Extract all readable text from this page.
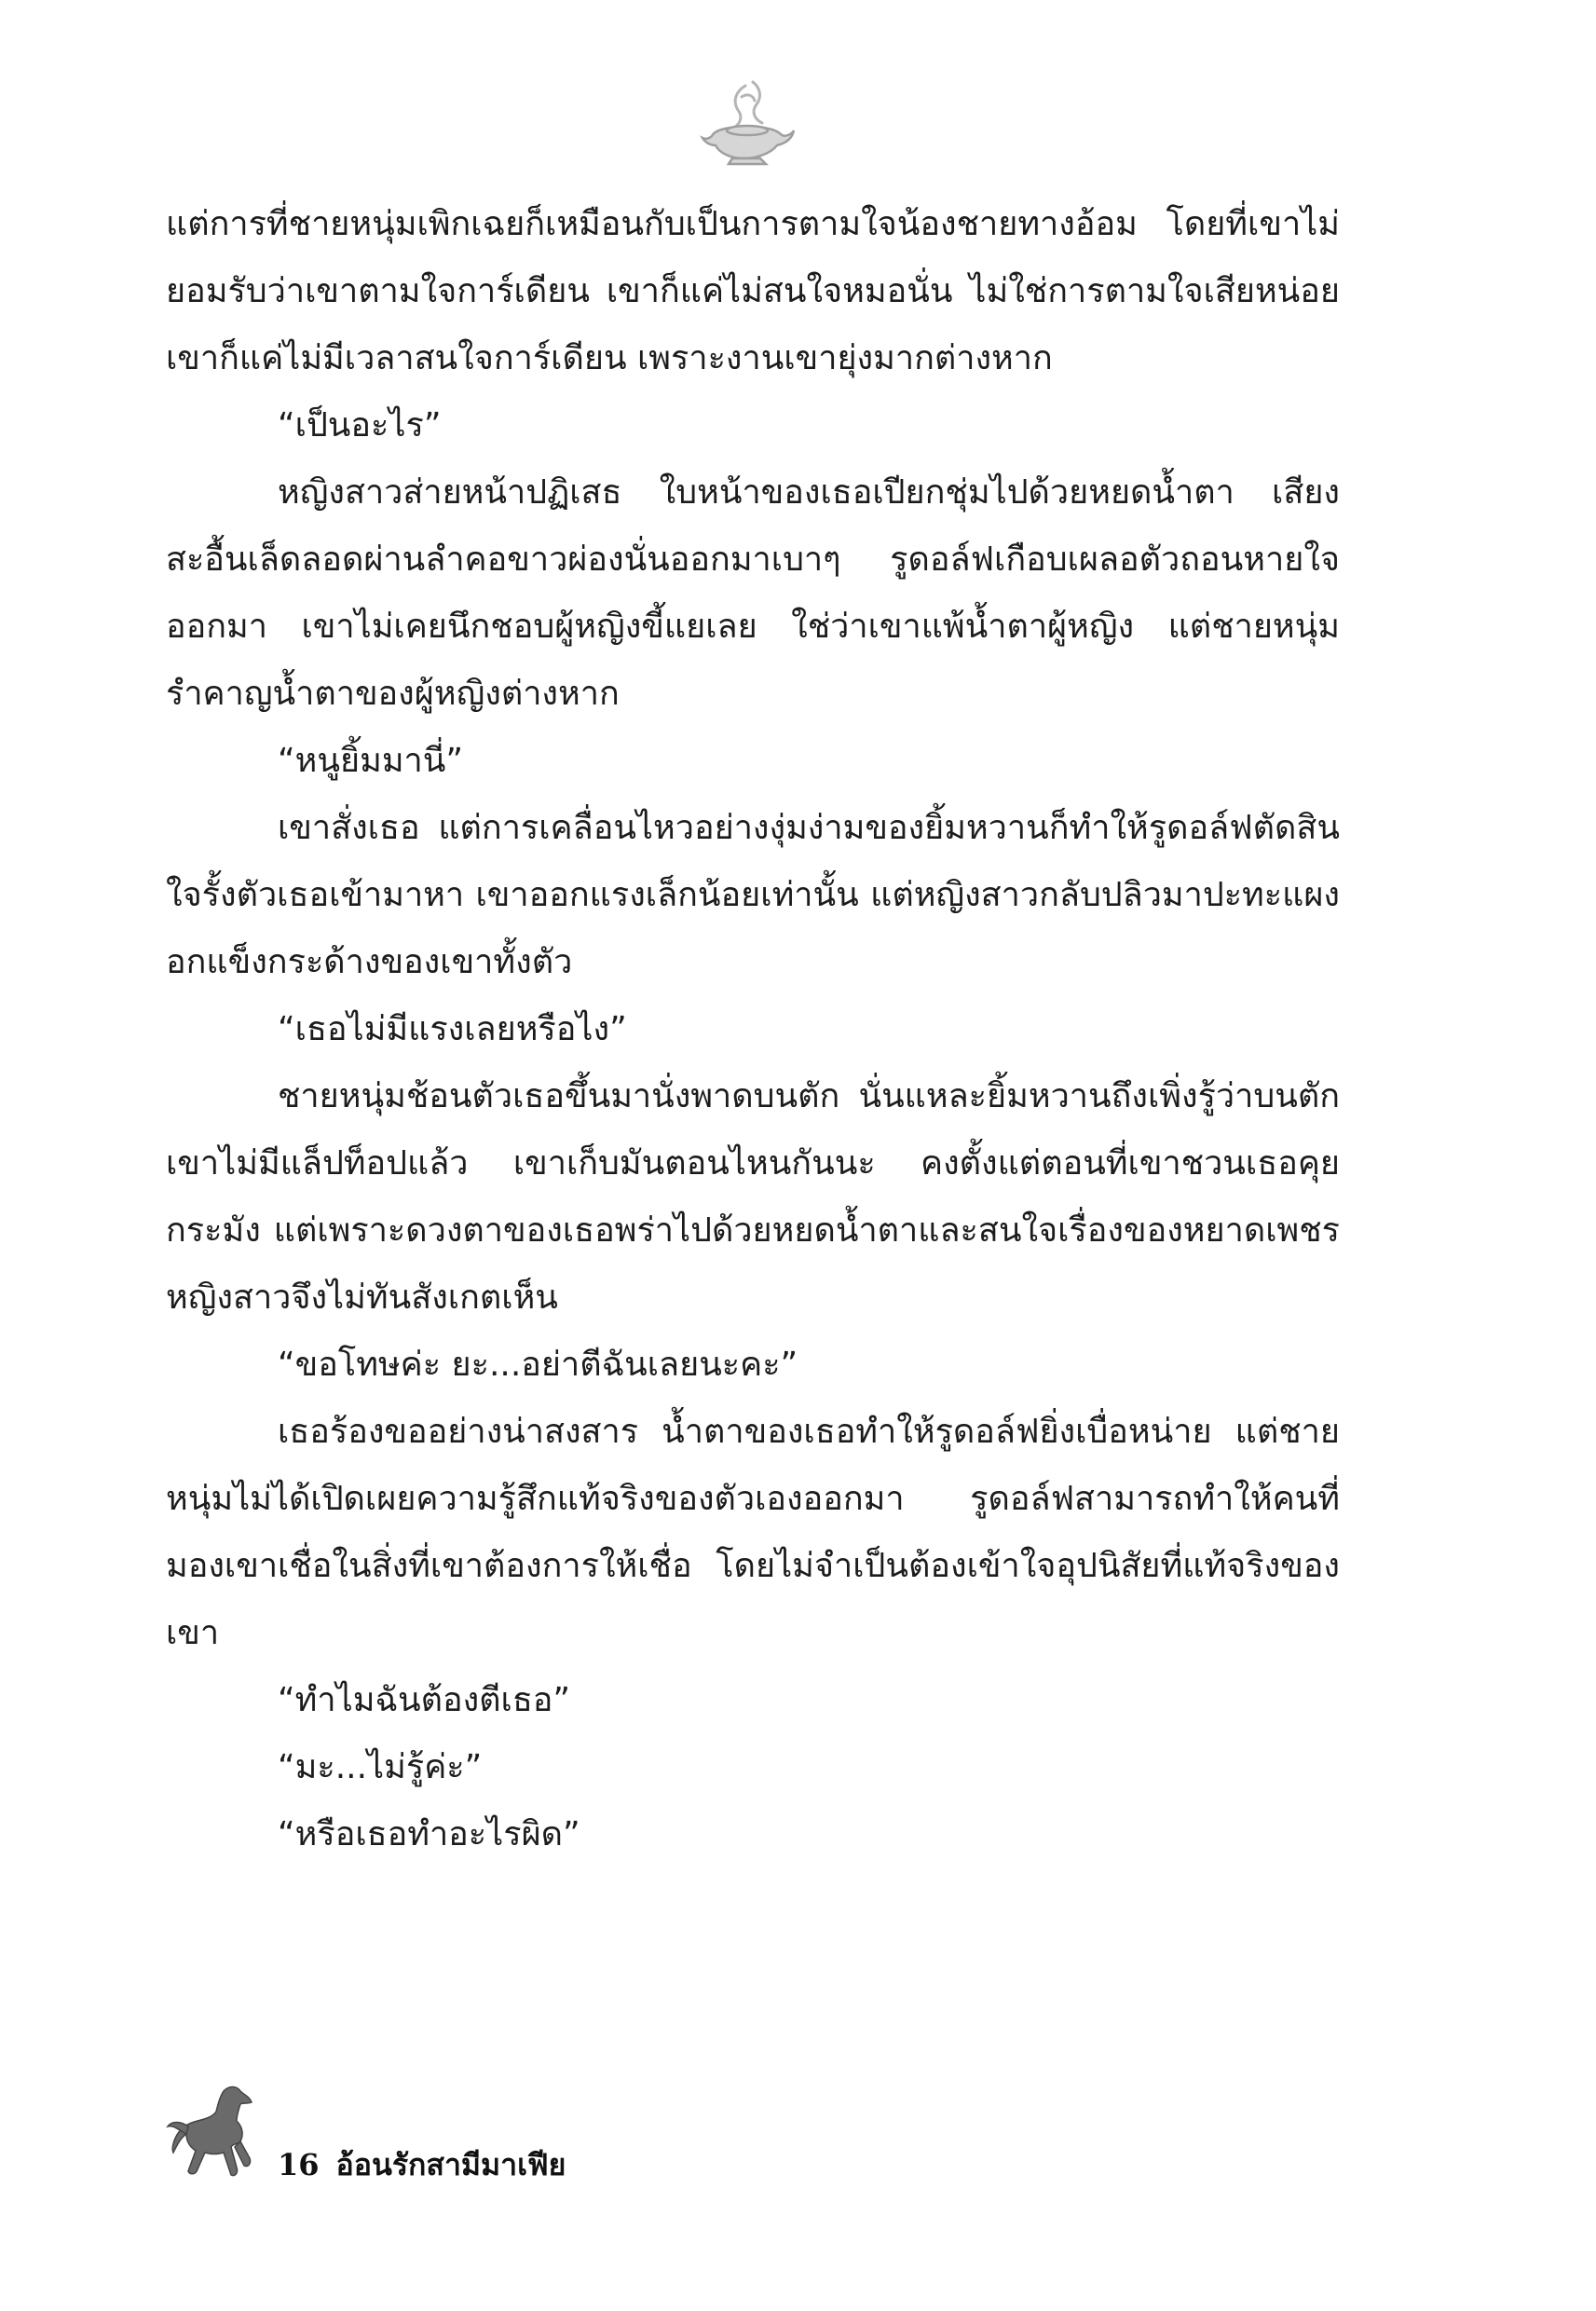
แต่การที่ชายหนุ่มเพิกเฉยก็เหมือนกับเป็นการตามใจน้องชายทางอ้อม โดยที่เขาไม่ยอมรับว่าเขาตามใจการ์เดียน เขาก็แค่ไม่สนใจหมอนั่น ไม่ใช่การตามใจเสียหน่อย เขาก็แค่ไม่มีเวลาสนใจการ์เดียน เพราะงานเขายุ่งมากต่างหาก

“เป็นอะไร”

หญิงสาวส่ายหน้าปฏิเสธ ใบหน้าของเธอเปียกชุ่มไปด้วยหยดน้ำตา เสียงสะอื้นเล็ดลอดผ่านลำคอขาวผ่องนั่นออกมาเบาๆ รูดอล์ฟเกือบเผลอตัวถอนหายใจออกมา เขาไม่เคยนึกชอบผู้หญิงขี้แยเลย ใช่ว่าเขาแพ้น้ำตาผู้หญิง แต่ชายหนุ่มรำคาญน้ำตาของผู้หญิงต่างหาก

“หนูยิ้มมานี่”

เขาสั่งเธอ แต่การเคลื่อนไหวอย่างงุ่มง่ามของยิ้มหวานก็ทำให้รูดอล์ฟตัดสินใจรั้งตัวเธอเข้ามาหา เขาออกแรงเล็กน้อยเท่านั้น แต่หญิงสาวกลับปลิวมาปะทะแผงอกแข็งกระด้างของเขาทั้งตัว

“เธอไม่มีแรงเลยหรือไง”

ชายหนุ่มช้อนตัวเธอขึ้นมานั่งพาดบนตัก นั่นแหละยิ้มหวานถึงเพิ่งรู้ว่าบนตักเขาไม่มีแล็ปท็อปแล้ว เขาเก็บมันตอนไหนกันนะ คงตั้งแต่ตอนที่เขาชวนเธอคุยกระมัง แต่เพราะดวงตาของเธอพร่าไปด้วยหยดน้ำตาและสนใจเรื่องของหยาดเพชร หญิงสาวจึงไม่ทันสังเกตเห็น

“ขอโทษค่ะ ยะ...อย่าตีฉันเลยนะคะ”

เธอร้องขออย่างน่าสงสาร น้ำตาของเธอทำให้รูดอล์ฟยิ่งเบื่อหน่าย แต่ชายหนุ่มไม่ได้เปิดเผยความรู้สึกแท้จริงของตัวเองออกมา รูดอล์ฟสามารถทำให้คนที่มองเขาเชื่อในสิ่งที่เขาต้องการให้เชื่อ โดยไม่จำเป็นต้องเข้าใจอุปนิสัยที่แท้จริงของเขา

“ทำไมฉันต้องตีเธอ”

“มะ...ไม่รู้ค่ะ”

“หรือเธอทำอะไรผิด”

16 อ้อนรักสามีมาเฟีย
